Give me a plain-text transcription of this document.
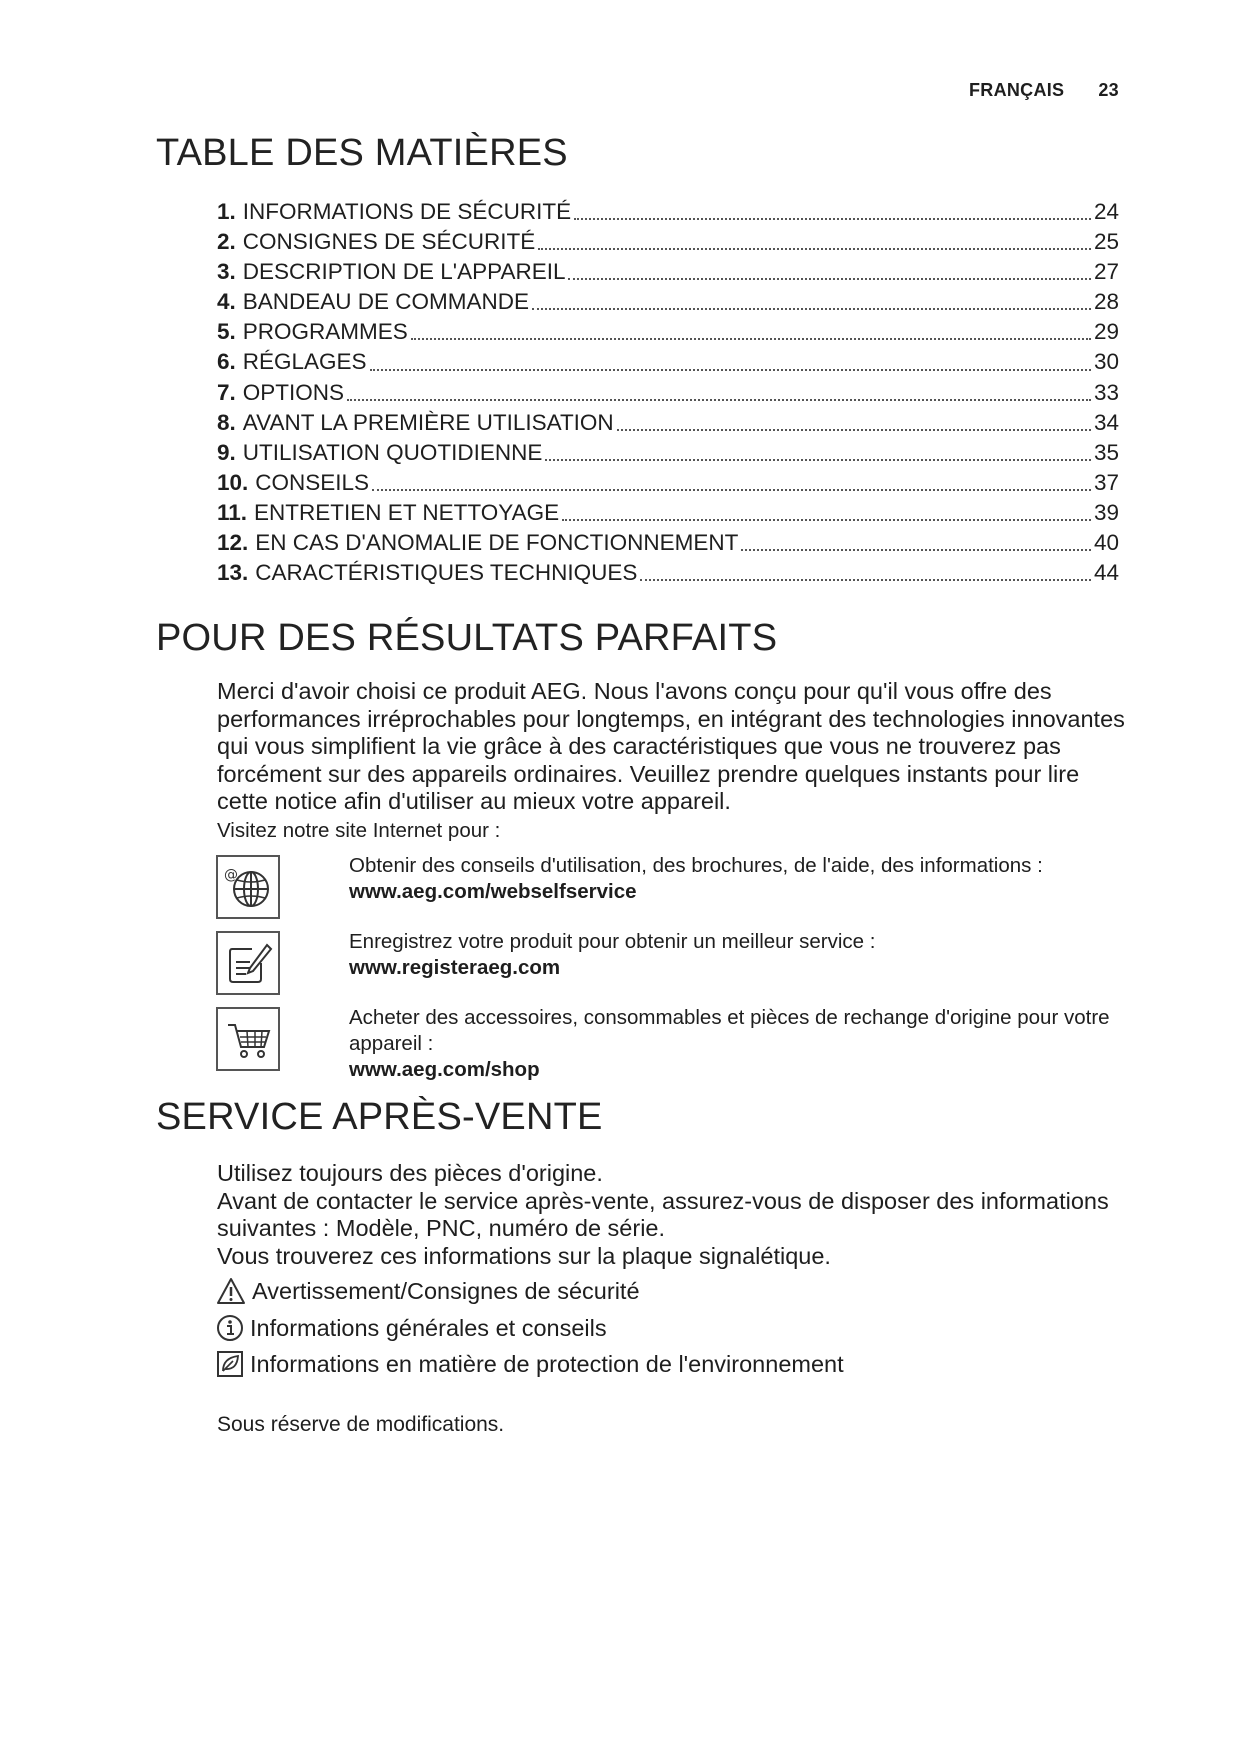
FRANÇAIS 23
TABLE DES MATIÈRES
1. INFORMATIONS DE SÉCURITÉ	24
2. CONSIGNES DE SÉCURITÉ	25
3. DESCRIPTION DE L'APPAREIL	27
4. BANDEAU DE COMMANDE	28
5. PROGRAMMES	29
6. RÉGLAGES	30
7. OPTIONS	33
8. AVANT LA PREMIÈRE UTILISATION	34
9. UTILISATION QUOTIDIENNE	35
10. CONSEILS	37
11. ENTRETIEN ET NETTOYAGE	39
12. EN CAS D'ANOMALIE DE FONCTIONNEMENT	40
13. CARACTÉRISTIQUES TECHNIQUES	44
POUR DES RÉSULTATS PARFAITS

Merci d'avoir choisi ce produit AEG. Nous l'avons conçu pour qu'il vous offre des performances irréprochables pour longtemps, en intégrant des technologies innovantes qui vous simplifient la vie grâce à des caractéristiques que vous ne trouverez pas forcément sur des appareils ordinaires. Veuillez prendre quelques instants pour lire cette notice afin d'utiliser au mieux votre appareil.

Visitez notre site Internet pour :

@	Obtenir des conseils d'utilisation, des brochures, de l'aide, des informations :
www.aeg.com/webselfservice
Enregistrez votre produit pour obtenir un meilleur service :
www.registeraeg.com
Acheter des accessoires, consommables et pièces de rechange d'origine pour votre appareil :
www.aeg.com/shop
SERVICE APRÈS-VENTE
Utilisez toujours des pièces d'origine.
Avant de contacter le service après-vente, assurez-vous de disposer des informations suivantes : Modèle, PNC, numéro de série.
Vous trouverez ces informations sur la plaque signalétique.
Avertissement/Consignes de sécurité
Informations générales et conseils
Informations en matière de protection de l'environnement

Sous réserve de modifications.
